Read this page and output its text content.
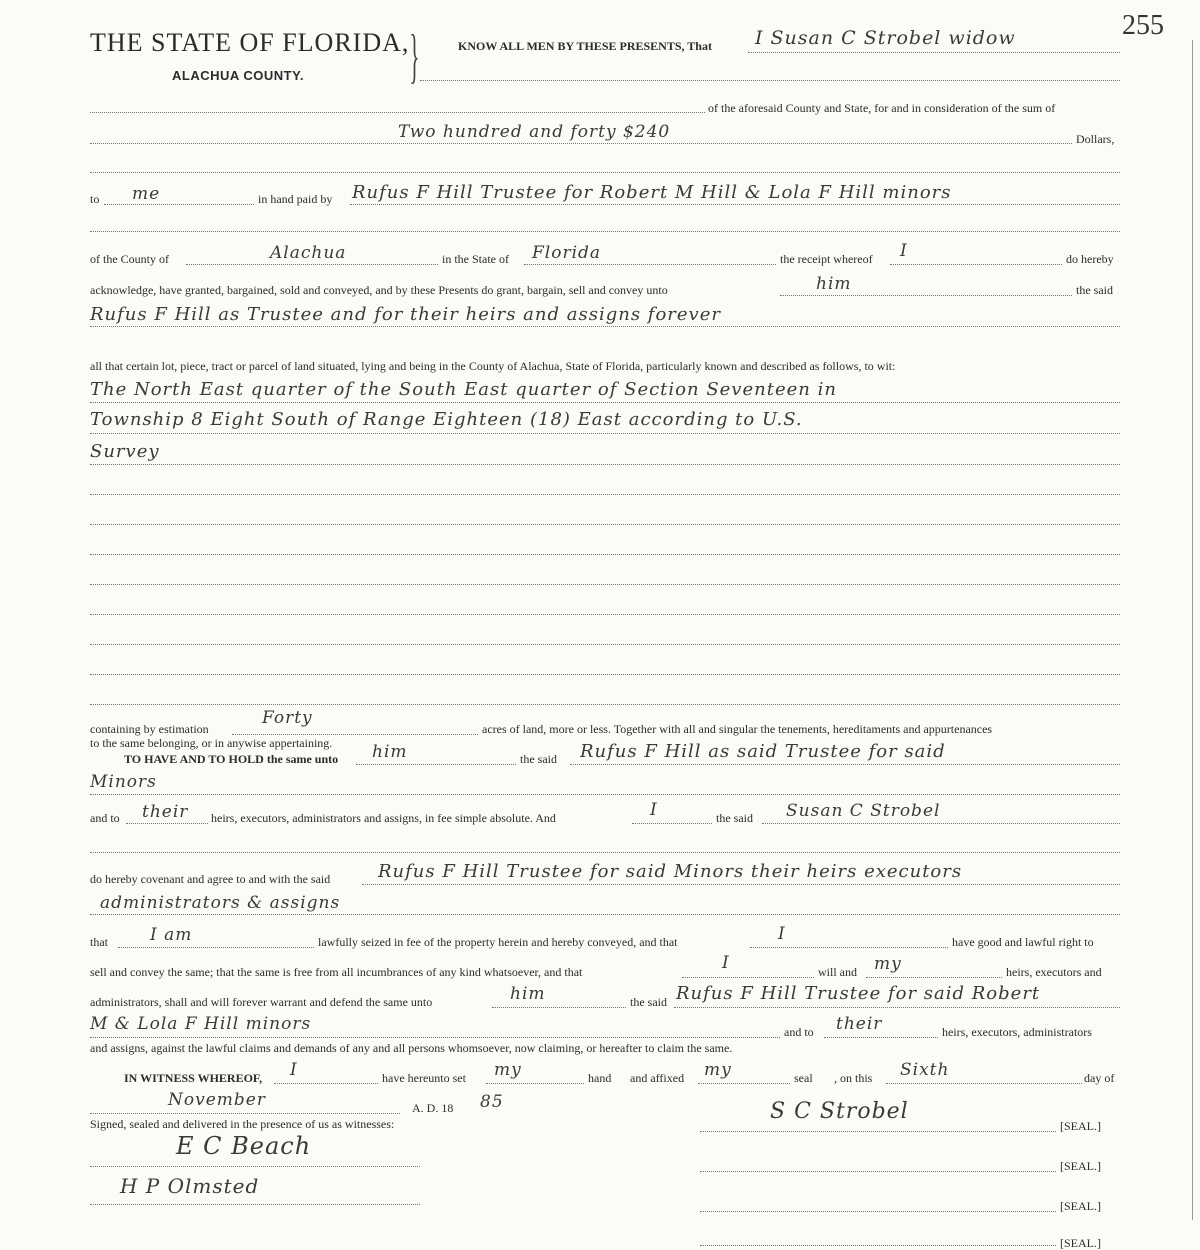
THE STATE OF FLORIDA,
ALACHUA COUNTY. }	255
KNOW ALL MEN BY THESE PRESENTS, That I Susan C Strobel widow
of the aforesaid County and State, for and in consideration of the sum of
Two hundred and forty $240	Dollars,
to me	in hand paid by Rufus F Hill Trustee for Robert M Hill & Lola F Hill minors
of the County of	Alachua	in the State of Florida	the receipt whereof I	do hereby
acknowledge, have granted, bargained, sold and conveyed, and by these Presents do grant, bargain, sell and convey unto	him	the said
Rufus F Hill as Trustee and for their heirs and assigns forever
all that certain lot, piece, tract or parcel of land situated, lying and being in the County of Alachua, State of Florida, particularly known and described as follows, to wit:
The North East quarter of the South East quarter of Section Seventeen in
Township 8 Eight South of Range Eighteen (18) East according to U.S.
Survey
containing by estimation
Forty
acres of land, more or less. Together with all and singular the tenements, hereditaments and appurtenances
to the same belonging, or in anywise appertaining.
TO HAVE AND TO HOLD the same unto him	the said Rufus F Hill as said Trustee for said
Minors
and to their heirs, executors, administrators and assigns, in fee simple absolute. And	I	the said Susan C Strobel
do hereby covenant and agree to and with the said	Rufus F Hill Trustee for said Minors their heirs executors
administrators & assigns
that I am	lawfully seized in fee of the property herein and hereby conveyed, and that	I	have good and lawful right to
sell and convey the same; that the same is free from all incumbrances of any kind whatsoever, and that	I	will and my	heirs, executors and
administrators, shall and will forever warrant and defend the same unto	him	the said Rufus F Hill Trustee for said Robert
M & Lola F Hill minors	and to their	heirs, executors, administrators
and assigns, against the lawful claims and demands of any and all persons whomsoever, now claiming, or hereafter to claim the same.
IN WITNESS WHEREOF, I	have hereunto set my	hand and affixed my	seal , on this Sixth	day of
November	A. D. 18 85
Signed, sealed and delivered in the presence of us as witnesses:	S C Strobel
[SEAL.]
E C Beach
[SEAL.]
H P Olmsted
[SEAL.]
[SEAL.]
